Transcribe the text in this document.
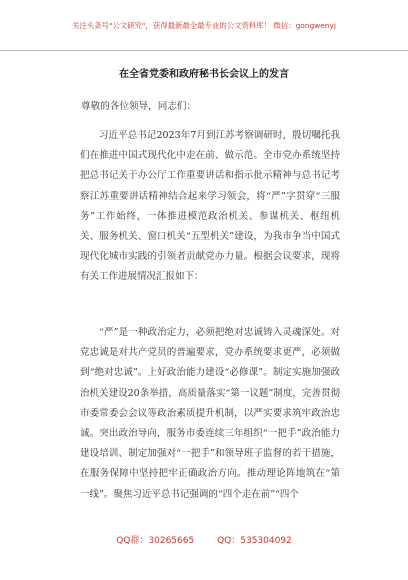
关注头条号"公文研究"，获得最新最全最专业的公文资料库！ 微信：gongwenyj
在全省党委和政府秘书长会议上的发言
尊敬的各位领导，同志们：

习近平总书记2023年7月到江苏考察调研时，殷切嘱托我们在推进中国式现代化中走在前、做示范。全市党办系统坚持把总书记关于办公厅工作重要讲话和指示批示精神与总书记考察江苏重要讲话精神结合起来学习领会，将“严”字贯穿“三服务”工作始终，一体推进模范政治机关、参谋机关、枢纽机关、服务机关、窗口机关“五型机关”建设，为我市争当中国式现代化城市实践的引领者贡献党办力量。根据会议要求，现将有关工作进展情况汇报如下：

“严”是一种政治定力，必须把绝对忠诚铸入灵魂深处。对党忠诚是对共产党员的普遍要求，党办系统要求更严，必须做到“绝对忠诚”。上好政治能力建设“必修课”。制定实施加强政治机关建设20条举措，高质量落实“第一议题”制度，完善贯彻市委常委会会议等政治素质提升机制，以严实要求筑牢政治忠诚。突出政治导向，服务市委连续三年组织“一把手”政治能力建设培训、制定加强对“一把手”和领导班子监督的若干措施，在服务保障中坚持把牢正确政治方向。推动理论阵地筑在“第一线”。聚焦习近平总书记强调的“四个走在前”“四个

QQ群：30265665	QQ：535304092
